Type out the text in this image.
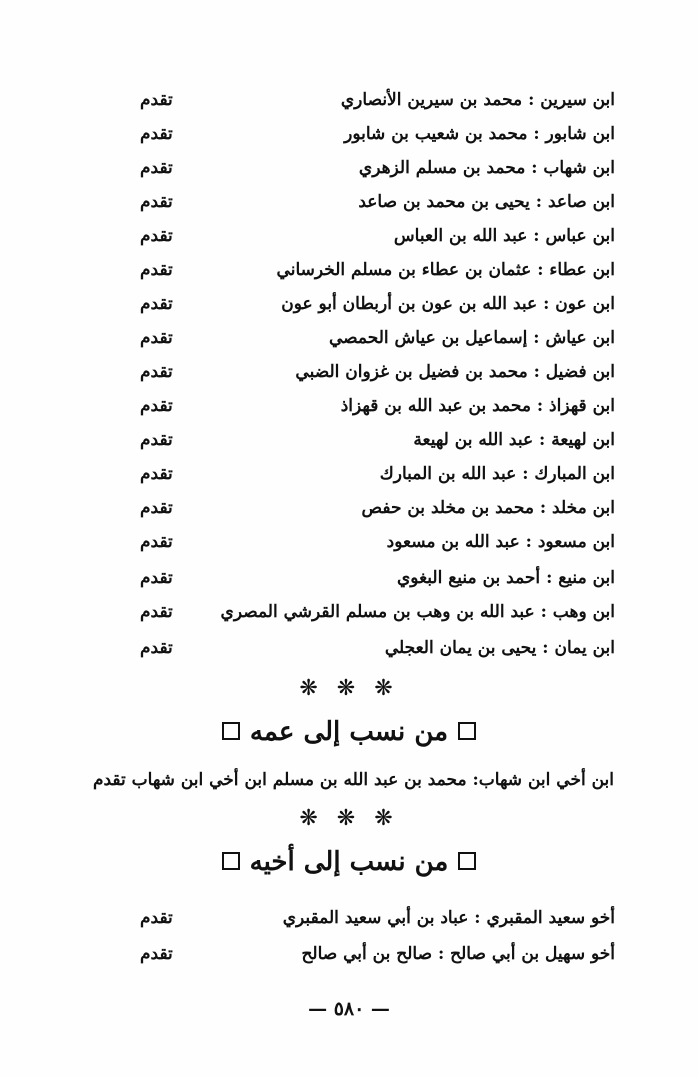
ابن سيرين : محمد بن سيرين الأنصاري
تقدم
ابن شابور : محمد بن شعيب بن شابور
تقدم
ابن شهاب : محمد بن مسلم الزهري
تقدم
ابن صاعد : يحيى بن محمد بن صاعد
تقدم
ابن عباس : عبد الله بن العباس
تقدم
ابن عطاء : عثمان بن عطاء بن مسلم الخرساني
تقدم
ابن عون : عبد الله بن عون بن أربطان أبو عون
تقدم
ابن عياش : إسماعيل بن عياش الحمصي
تقدم
ابن فضيل : محمد بن فضيل بن غزوان الضبي
تقدم
ابن قهزاذ : محمد بن عبد الله بن قهزاذ
تقدم
ابن لهيعة : عبد الله بن لهيعة
تقدم
ابن المبارك : عبد الله بن المبارك
تقدم
ابن مخلد : محمد بن مخلد بن حفص
تقدم
ابن مسعود : عبد الله بن مسعود
تقدم
ابن منيع : أحمد بن منيع البغوي
تقدم
ابن وهب : عبد الله بن وهب بن مسلم القرشي المصري
تقدم
ابن يمان : يحيى بن يمان العجلي
تقدم
❋ ❋ ❋
من نسب إلى عمه
ابن أخي ابن شهاب: محمد بن عبد الله بن مسلم ابن أخي ابن شهاب تقدم
❋ ❋ ❋
من نسب إلى أخيه
أخو سعيد المقبري : عباد بن أبي سعيد المقبري
تقدم
أخو سهيل بن أبي صالح : صالح بن أبي صالح
تقدم
— ٥٨٠ —
